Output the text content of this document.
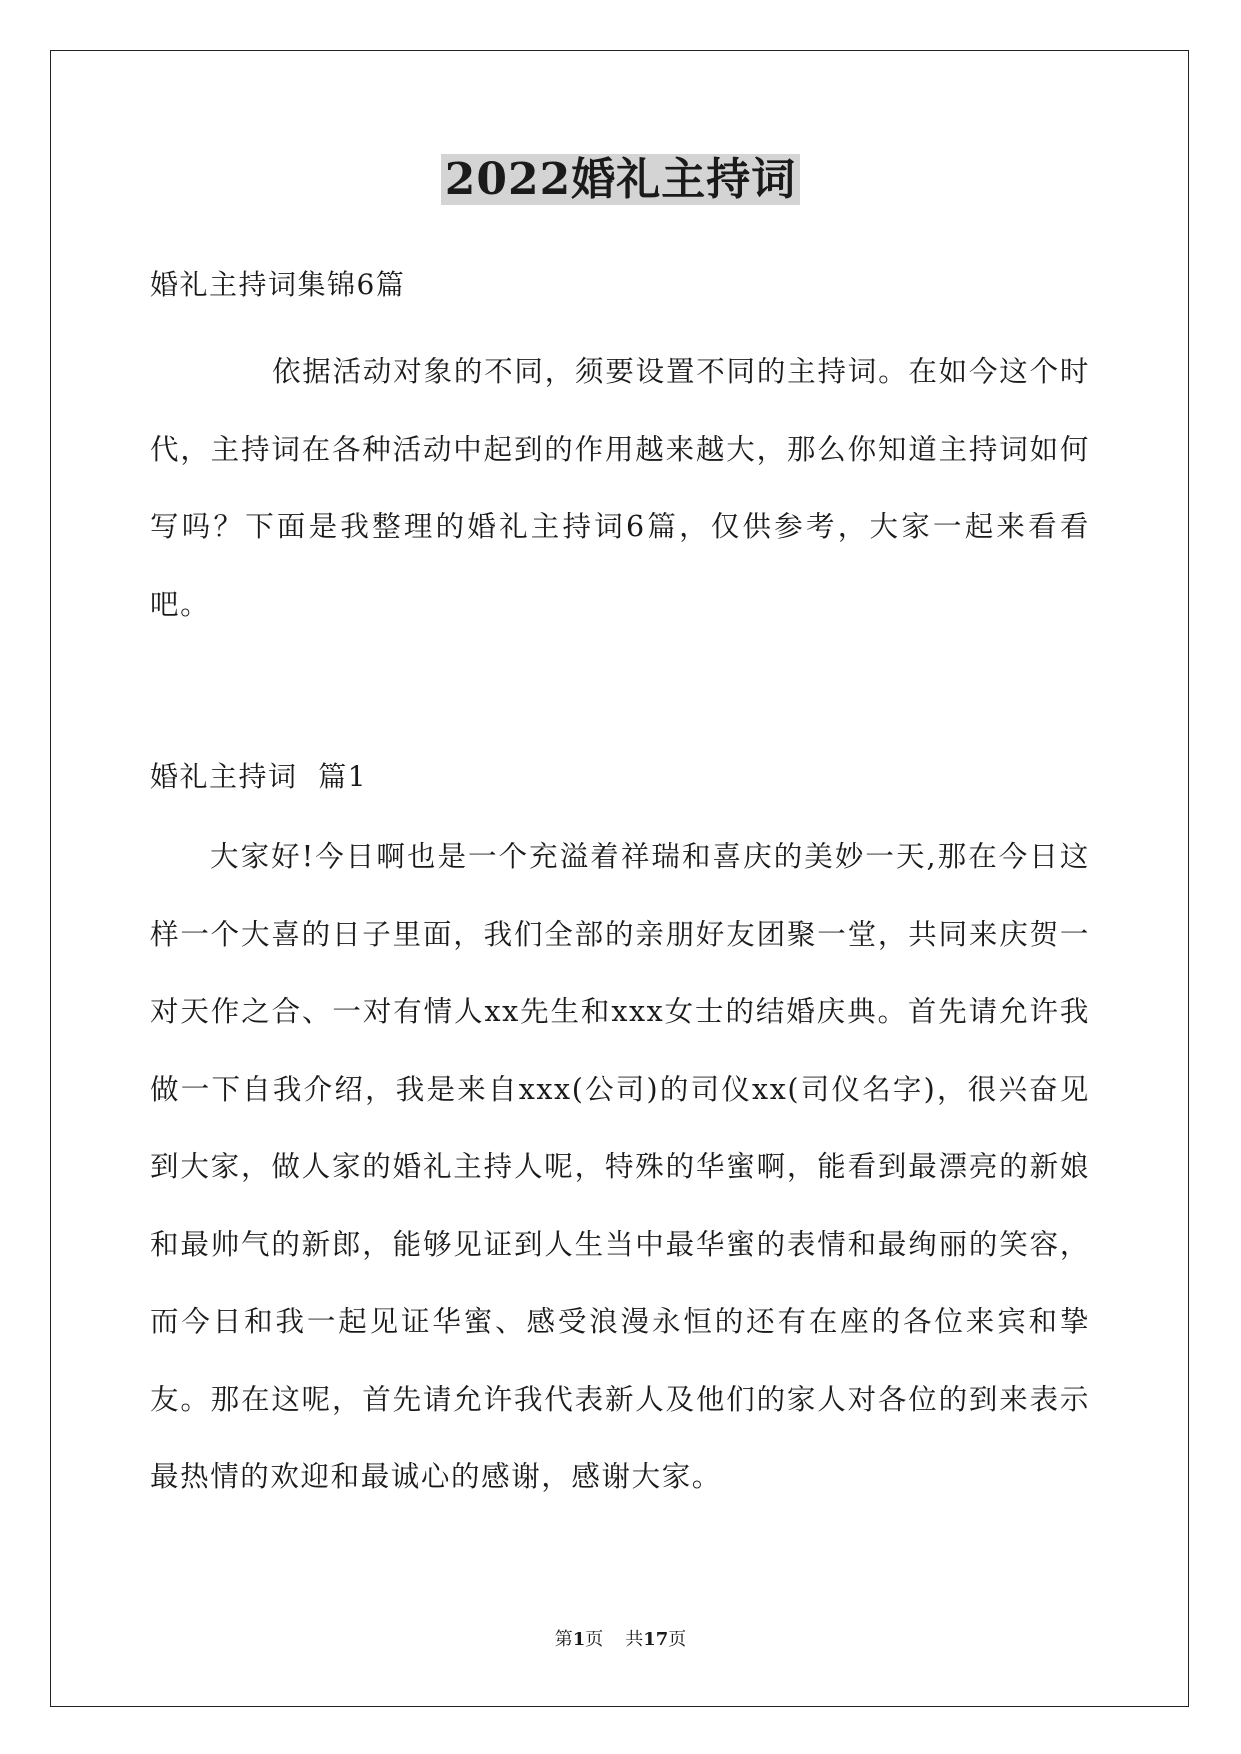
2022婚礼主持词
婚礼主持词集锦6篇

依据活动对象的不同，须要设置不同的主持词。在如今这个时代，主持词在各种活动中起到的作用越来越大，那么你知道主持词如何写吗？下面是我整理的婚礼主持词6篇，仅供参考，大家一起来看看吧。

婚礼主持词  篇1

大家好!今日啊也是一个充溢着祥瑞和喜庆的美妙一天,那在今日这样一个大喜的日子里面，我们全部的亲朋好友团聚一堂，共同来庆贺一对天作之合、一对有情人xx先生和xxx女士的结婚庆典。首先请允许我做一下自我介绍，我是来自xxx(公司)的司仪xx(司仪名字)，很兴奋见到大家，做人家的婚礼主持人呢，特殊的华蜜啊，能看到最漂亮的新娘和最帅气的新郎，能够见证到人生当中最华蜜的表情和最绚丽的笑容，而今日和我一起见证华蜜、感受浪漫永恒的还有在座的各位来宾和挚友。那在这呢，首先请允许我代表新人及他们的家人对各位的到来表示最热情的欢迎和最诚心的感谢，感谢大家。

第1页 共17页
